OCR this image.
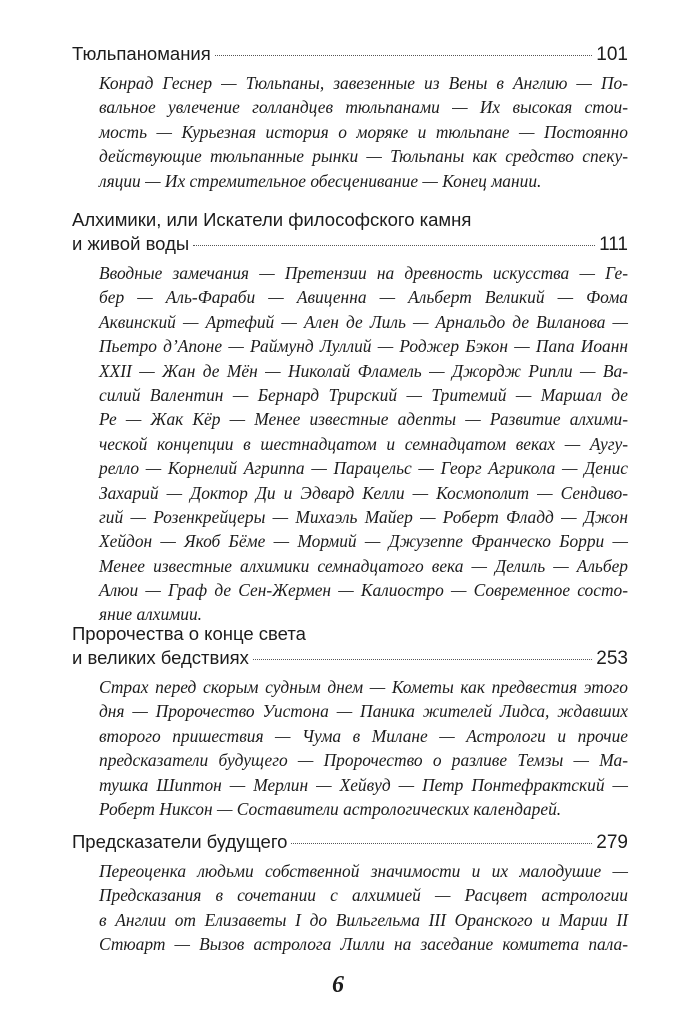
Тюльпаномания	101
Конрад Геснер — Тюльпаны, завезенные из Вены в Англию — По-
вальное увлечение голландцев тюльпанами — Их высокая стои-
мость — Курьезная история о моряке и тюльпане — Постоянно
действующие тюльпанные рынки — Тюльпаны как средство спеку-
ляции — Их стремительное обесценивание — Конец мании.
Алхимики, или Искатели философского камня
и живой воды	111
Вводные замечания — Претензии на древность искусства — Ге-
бер — Аль-Фараби — Авиценна — Альберт Великий — Фома
Аквинский — Артефий — Ален де Лиль — Арнальдо де Виланова —
Пьетро д’Апоне — Раймунд Луллий — Роджер Бэкон — Папа Иоанн
XXII — Жан де Мён — Николай Фламель — Джордж Рипли — Ва-
силий Валентин — Бернард Трирский — Тритемий — Маршал де
Ре — Жак Кёр — Менее известные адепты — Развитие алхими-
ческой концепции в шестнадцатом и семнадцатом веках — Аугу-
релло — Корнелий Агриппа — Парацельс — Георг Агрикола — Денис
Захарий — Доктор Ди и Эдвард Келли — Космополит — Сендиво-
гий — Розенкрейцеры — Михаэль Майер — Роберт Фладд — Джон
Хейдон — Якоб Бёме — Мормий — Джузеппе Франческо Борри —
Менее известные алхимики семнадцатого века — Делиль — Альбер
Алюи — Граф де Сен-Жермен — Калиостро — Современное состо-
яние алхимии.
Пророчества о конце света
и великих бедствиях	253
Страх перед скорым судным днем — Кометы как предвестия этого
дня — Пророчество Уистона — Паника жителей Лидса, ждавших
второго пришествия — Чума в Милане — Астрологи и прочие
предсказатели будущего — Пророчество о разливе Темзы — Ма-
тушка Шиптон — Мерлин — Хейвуд — Петр Понтефрактский —
Роберт Никсон — Составители астрологических календарей.
Предсказатели будущего	279
Переоценка людьми собственной значимости и их малодушие —
Предсказания в сочетании с алхимией — Расцвет астрологии
в Англии от Елизаветы I до Вильгельма III Оранского и Марии II
Стюарт — Вызов астролога Лилли на заседание комитета пала-
6
